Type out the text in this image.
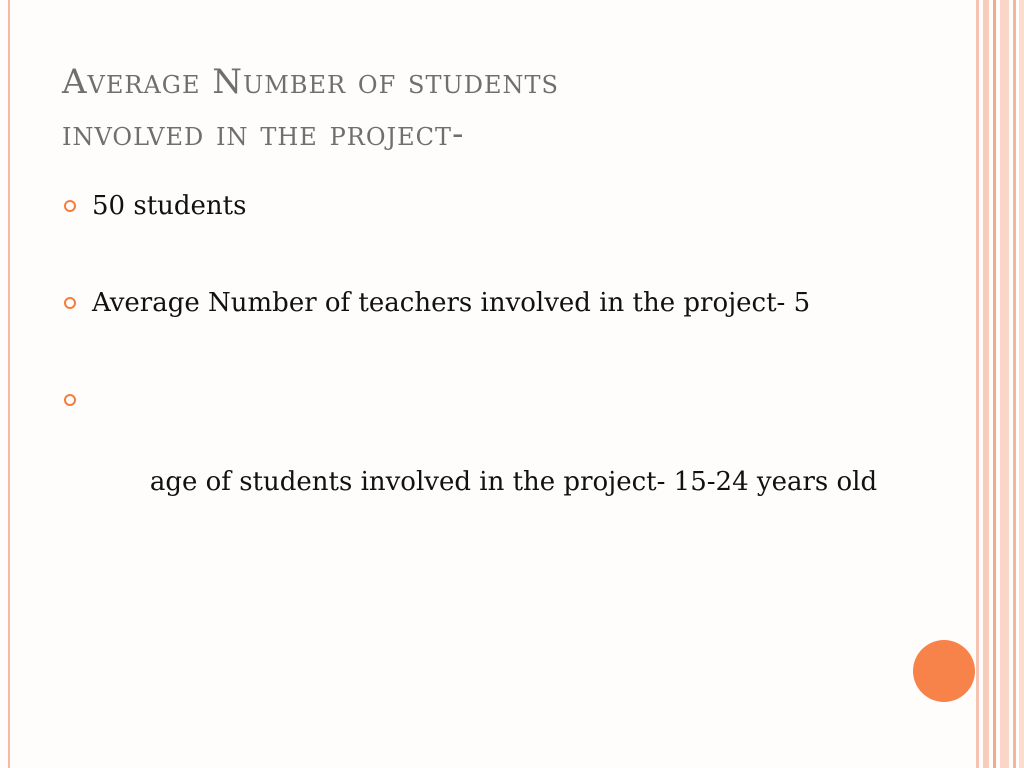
Average Number of students
involved in the project-
50 students
Average Number of teachers involved in the project- 5

age of students involved in the project- 15-24 years old
